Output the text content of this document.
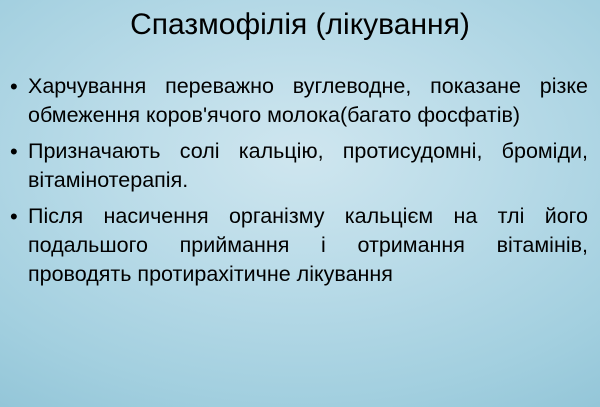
Спазмофілія (лікування)
• Харчування переважно вуглеводне, показане різке обмеження коров'ячого молока(багато фосфатів)
• Призначають солі кальцію, протисудомні, броміди, вітамінотерапія.
• Після насичення організму кальцієм на тлі його подальшого приймання і отримання вітамінів, проводять протирахітичне лікування
